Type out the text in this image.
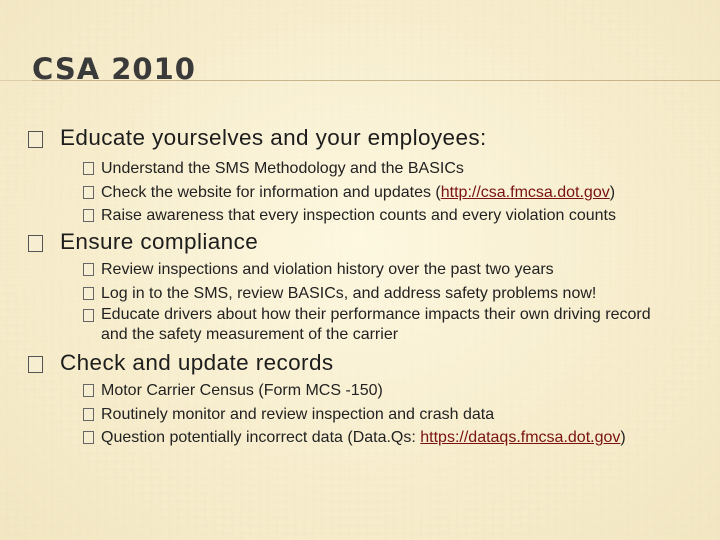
CSA 2010
Educate yourselves and your employees:
Understand the SMS Methodology and the BASICs
Check the website for information and updates (http://csa.fmcsa.dot.gov)
Raise awareness that every inspection counts and every violation counts
Ensure compliance
Review inspections and violation history over the past two years
Log in to the SMS, review BASICs, and address safety problems now!
Educate drivers about how their performance impacts their own driving record and the safety measurement of the carrier
Check and update records
Motor Carrier Census (Form MCS -150)
Routinely monitor and review inspection and crash data
Question potentially incorrect data (Data.Qs: https://dataqs.fmcsa.dot.gov)
